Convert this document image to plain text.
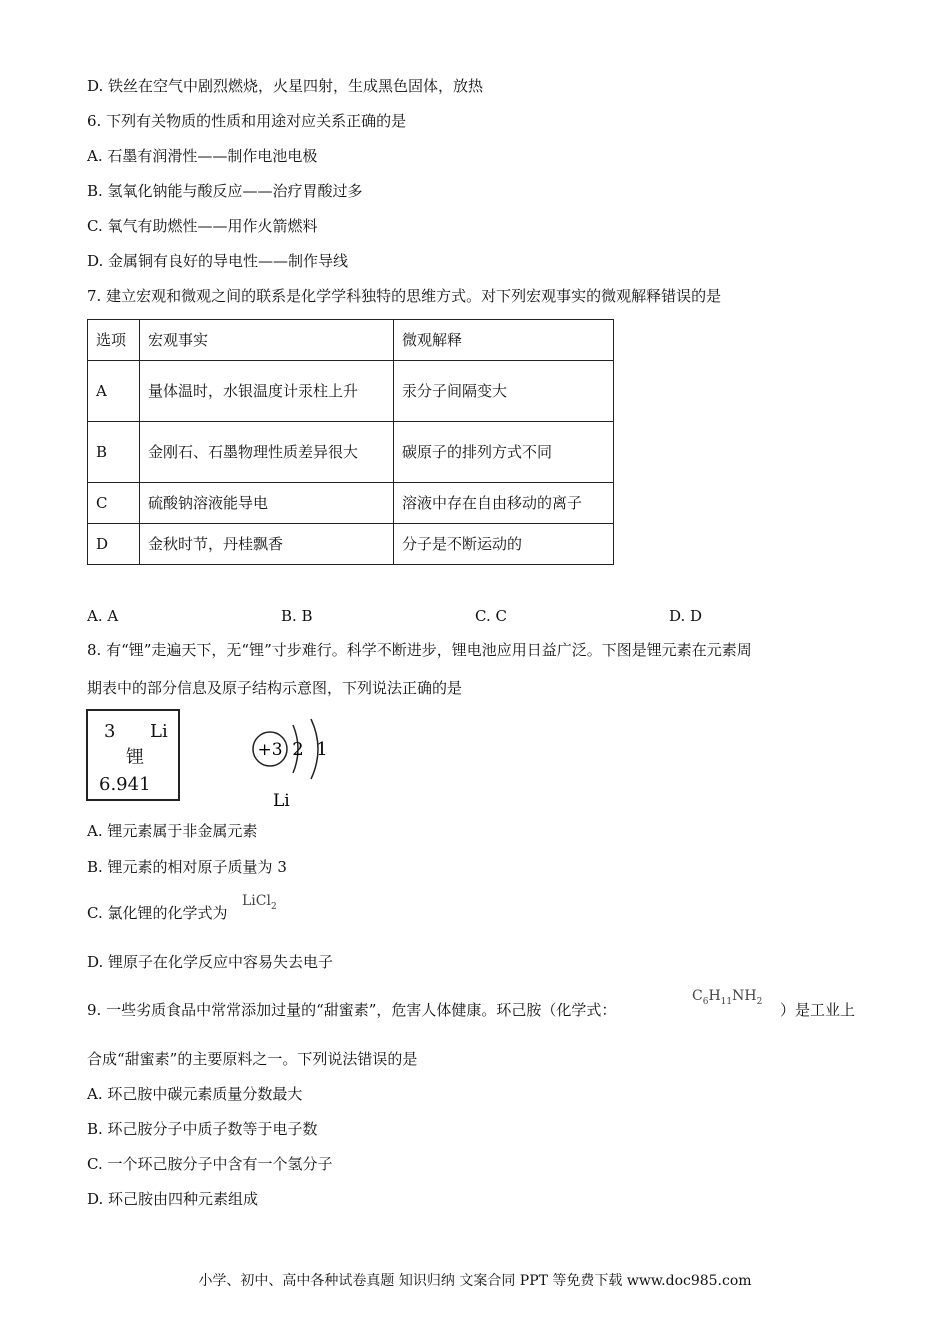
D. 铁丝在空气中剧烈燃烧，火星四射，生成黑色固体，放热
6. 下列有关物质的性质和用途对应关系正确的是
A. 石墨有润滑性——制作电池电极
B. 氢氧化钠能与酸反应——治疗胃酸过多
C. 氧气有助燃性——用作火箭燃料
D. 金属铜有良好的导电性——制作导线
7. 建立宏观和微观之间的联系是化学学科独特的思维方式。对下列宏观事实的微观解释错误的是
选项	宏观事实	微观解释
A	量体温时，水银温度计汞柱上升	汞分子间隔变大
B	金刚石、石墨物理性质差异很大	碳原子的排列方式不同
C	硫酸钠溶液能导电	溶液中存在自由移动的离子
D	金秋时节，丹桂飘香	分子是不断运动的
A. A	B. B	C. C	D. D
8. 有“锂”走遍天下，无“锂”寸步难行。科学不断进步，锂电池应用日益广泛。下图是锂元素在元素周
期表中的部分信息及原子结构示意图，下列说法正确的是
3 Li
锂
6.941
+3 2 1
Li
A. 锂元素属于非金属元素
B. 锂元素的相对原子质量为 3
C. 氯化锂的化学式为
LiCl$_2$
D. 锂原子在化学反应中容易失去电子
9. 一些劣质食品中常常添加过量的“甜蜜素”，危害人体健康。环己胺（化学式：
$C_6H_{11}NH_2$ ）是工业上
合成“甜蜜素”的主要原料之一。下列说法错误的是
A. 环己胺中碳元素质量分数最大
B. 环己胺分子中质子数等于电子数
C. 一个环己胺分子中含有一个氢分子
D. 环己胺由四种元素组成
小学、初中、高中各种试卷真题 知识归纳 文案合同 PPT 等免费下载 www.doc985.com
